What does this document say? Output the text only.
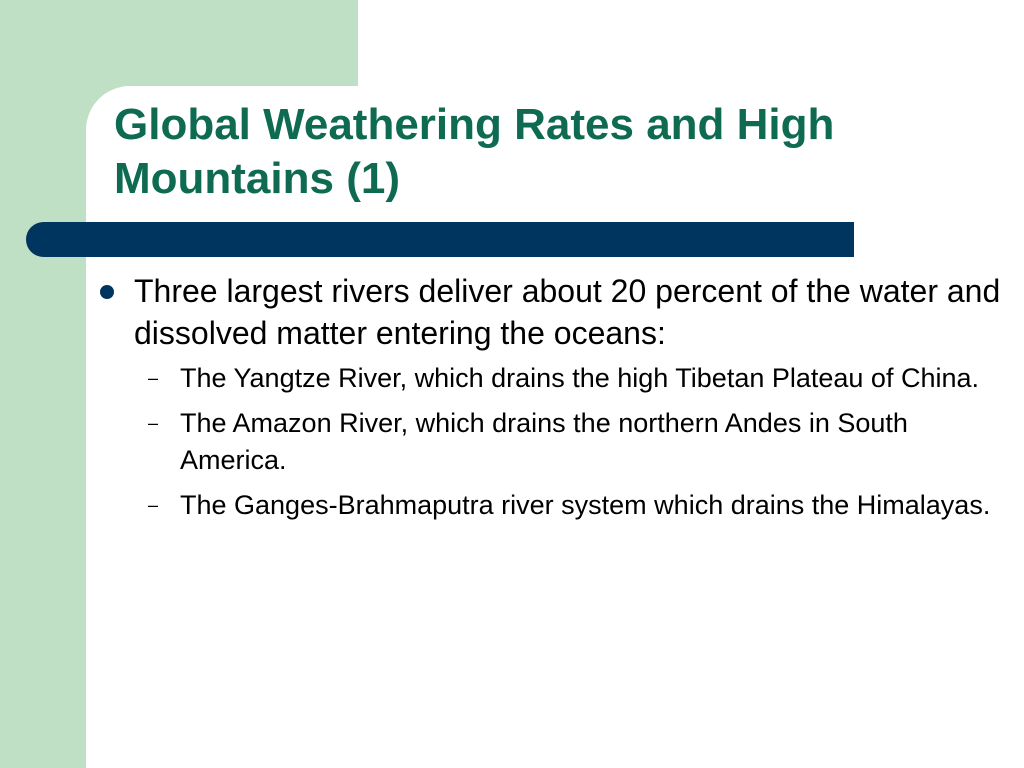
Global Weathering Rates and High Mountains (1)
Three largest rivers deliver about 20 percent of the water and dissolved matter entering the oceans:
– The Yangtze River, which drains the high Tibetan Plateau of China.
– The Amazon River, which drains the northern Andes in South America.
– The Ganges-Brahmaputra river system which drains the Himalayas.
